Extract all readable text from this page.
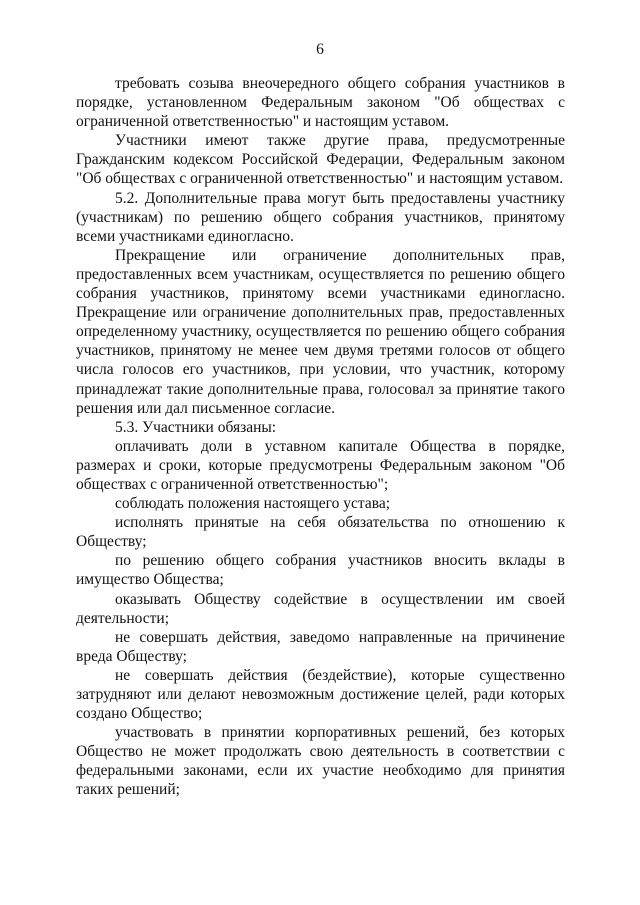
6

требовать созыва внеочередного общего собрания участников в порядке, установленном Федеральным законом "Об обществах с ограниченной ответственностью" и настоящим уставом.

Участники имеют также другие права, предусмотренные Гражданским кодексом Российской Федерации, Федеральным законом "Об обществах с ограниченной ответственностью" и настоящим уставом.

5.2. Дополнительные права могут быть предоставлены участнику (участникам) по решению общего собрания участников, принятому всеми участниками единогласно.

Прекращение или ограничение дополнительных прав, предоставленных всем участникам, осуществляется по решению общего собрания участников, принятому всеми участниками единогласно. Прекращение или ограничение дополнительных прав, предоставленных определенному участнику, осуществляется по решению общего собрания участников, принятому не менее чем двумя третями голосов от общего числа голосов его участников, при условии, что участник, которому принадлежат такие дополнительные права, голосовал за принятие такого решения или дал письменное согласие.

5.3. Участники обязаны:

оплачивать доли в уставном капитале Общества в порядке, размерах и сроки, которые предусмотрены Федеральным законом "Об обществах с ограниченной ответственностью";

соблюдать положения настоящего устава;

исполнять принятые на себя обязательства по отношению к Обществу;

по решению общего собрания участников вносить вклады в имущество Общества;

оказывать Обществу содействие в осуществлении им своей деятельности;

не совершать действия, заведомо направленные на причинение вреда Обществу;

не совершать действия (бездействие), которые существенно затрудняют или делают невозможным достижение целей, ради которых создано Общество;

участвовать в принятии корпоративных решений, без которых Общество не может продолжать свою деятельность в соответствии с федеральными законами, если их участие необходимо для принятия таких решений;
